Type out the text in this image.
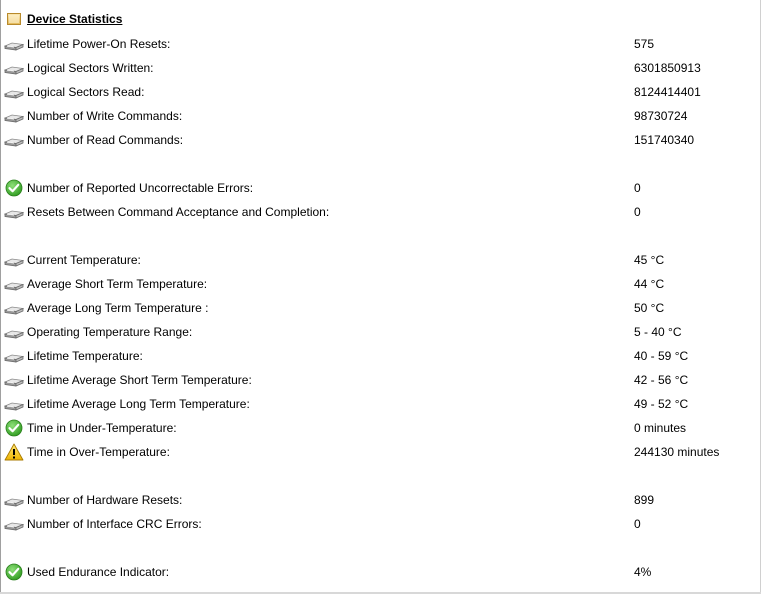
Device Statistics
Lifetime Power-On Resets:	575
Logical Sectors Written:	6301850913
Logical Sectors Read:	8124414401
Number of Write Commands:	98730724
Number of Read Commands:	151740340
Number of Reported Uncorrectable Errors:	0
Resets Between Command Acceptance and Completion:	0
Current Temperature:	45 °C
Average Short Term Temperature:	44 °C
Average Long Term Temperature :	50 °C
Operating Temperature Range:	5 - 40 °C
Lifetime Temperature:	40 - 59 °C
Lifetime Average Short Term Temperature:	42 - 56 °C
Lifetime Average Long Term Temperature:	49 - 52 °C
Time in Under-Temperature:	0 minutes
Time in Over-Temperature:	244130 minutes
Number of Hardware Resets:	899
Number of Interface CRC Errors:	0
Used Endurance Indicator:	4%
